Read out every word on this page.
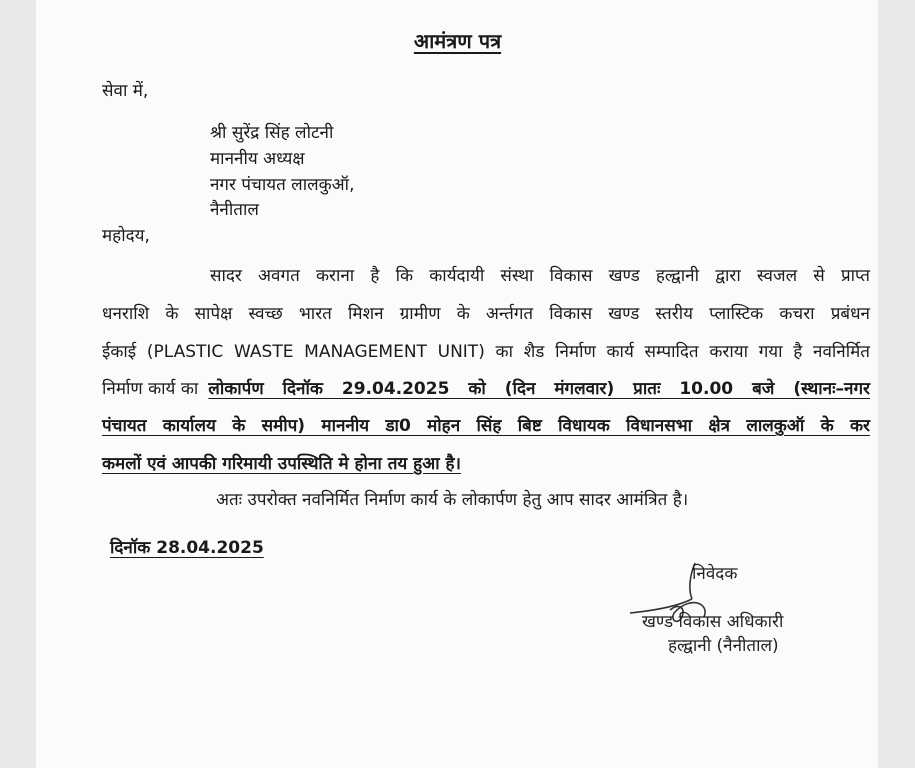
आमंत्रण पत्र
सेवा में,
श्री सुरेंद्र सिंह लोटनी
माननीय अध्यक्ष
नगर पंचायत लालकुऑ,
नैनीताल
महोदय,
सादर अवगत कराना है कि कार्यदायी संस्था विकास खण्ड हल्द्वानी द्वारा स्वजल से प्राप्त
धनराशि के सापेक्ष स्वच्छ भारत मिशन ग्रामीण के अर्न्तगत विकास खण्ड स्तरीय प्लास्टिक कचरा प्रबंधन
ईकाई (PLASTIC WASTE MANAGEMENT UNIT) का शैड निर्माण कार्य सम्पादित कराया गया है नवनिर्मित
निर्माण कार्य का लोकार्पण दिनॉक 29.04.2025 को (दिन मंगलवार) प्रातः 10.00 बजे (स्थानः–नगर
पंचायत कार्यालय के समीप) माननीय डा0 मोहन सिंह बिष्ट विधायक विधानसभा क्षेत्र लालकुऑ के कर
कमलों एवं आपकी गरिमायी उपस्थिति मे होना तय हुआ है।
अतः उपरोक्त नवनिर्मित निर्माण कार्य के लोकार्पण हेतु आप सादर आमंत्रित है।
दिनॉक 28.04.2025
निवेदक
खण्ड विकास अधिकारी
हल्द्वानी (नैनीताल)
